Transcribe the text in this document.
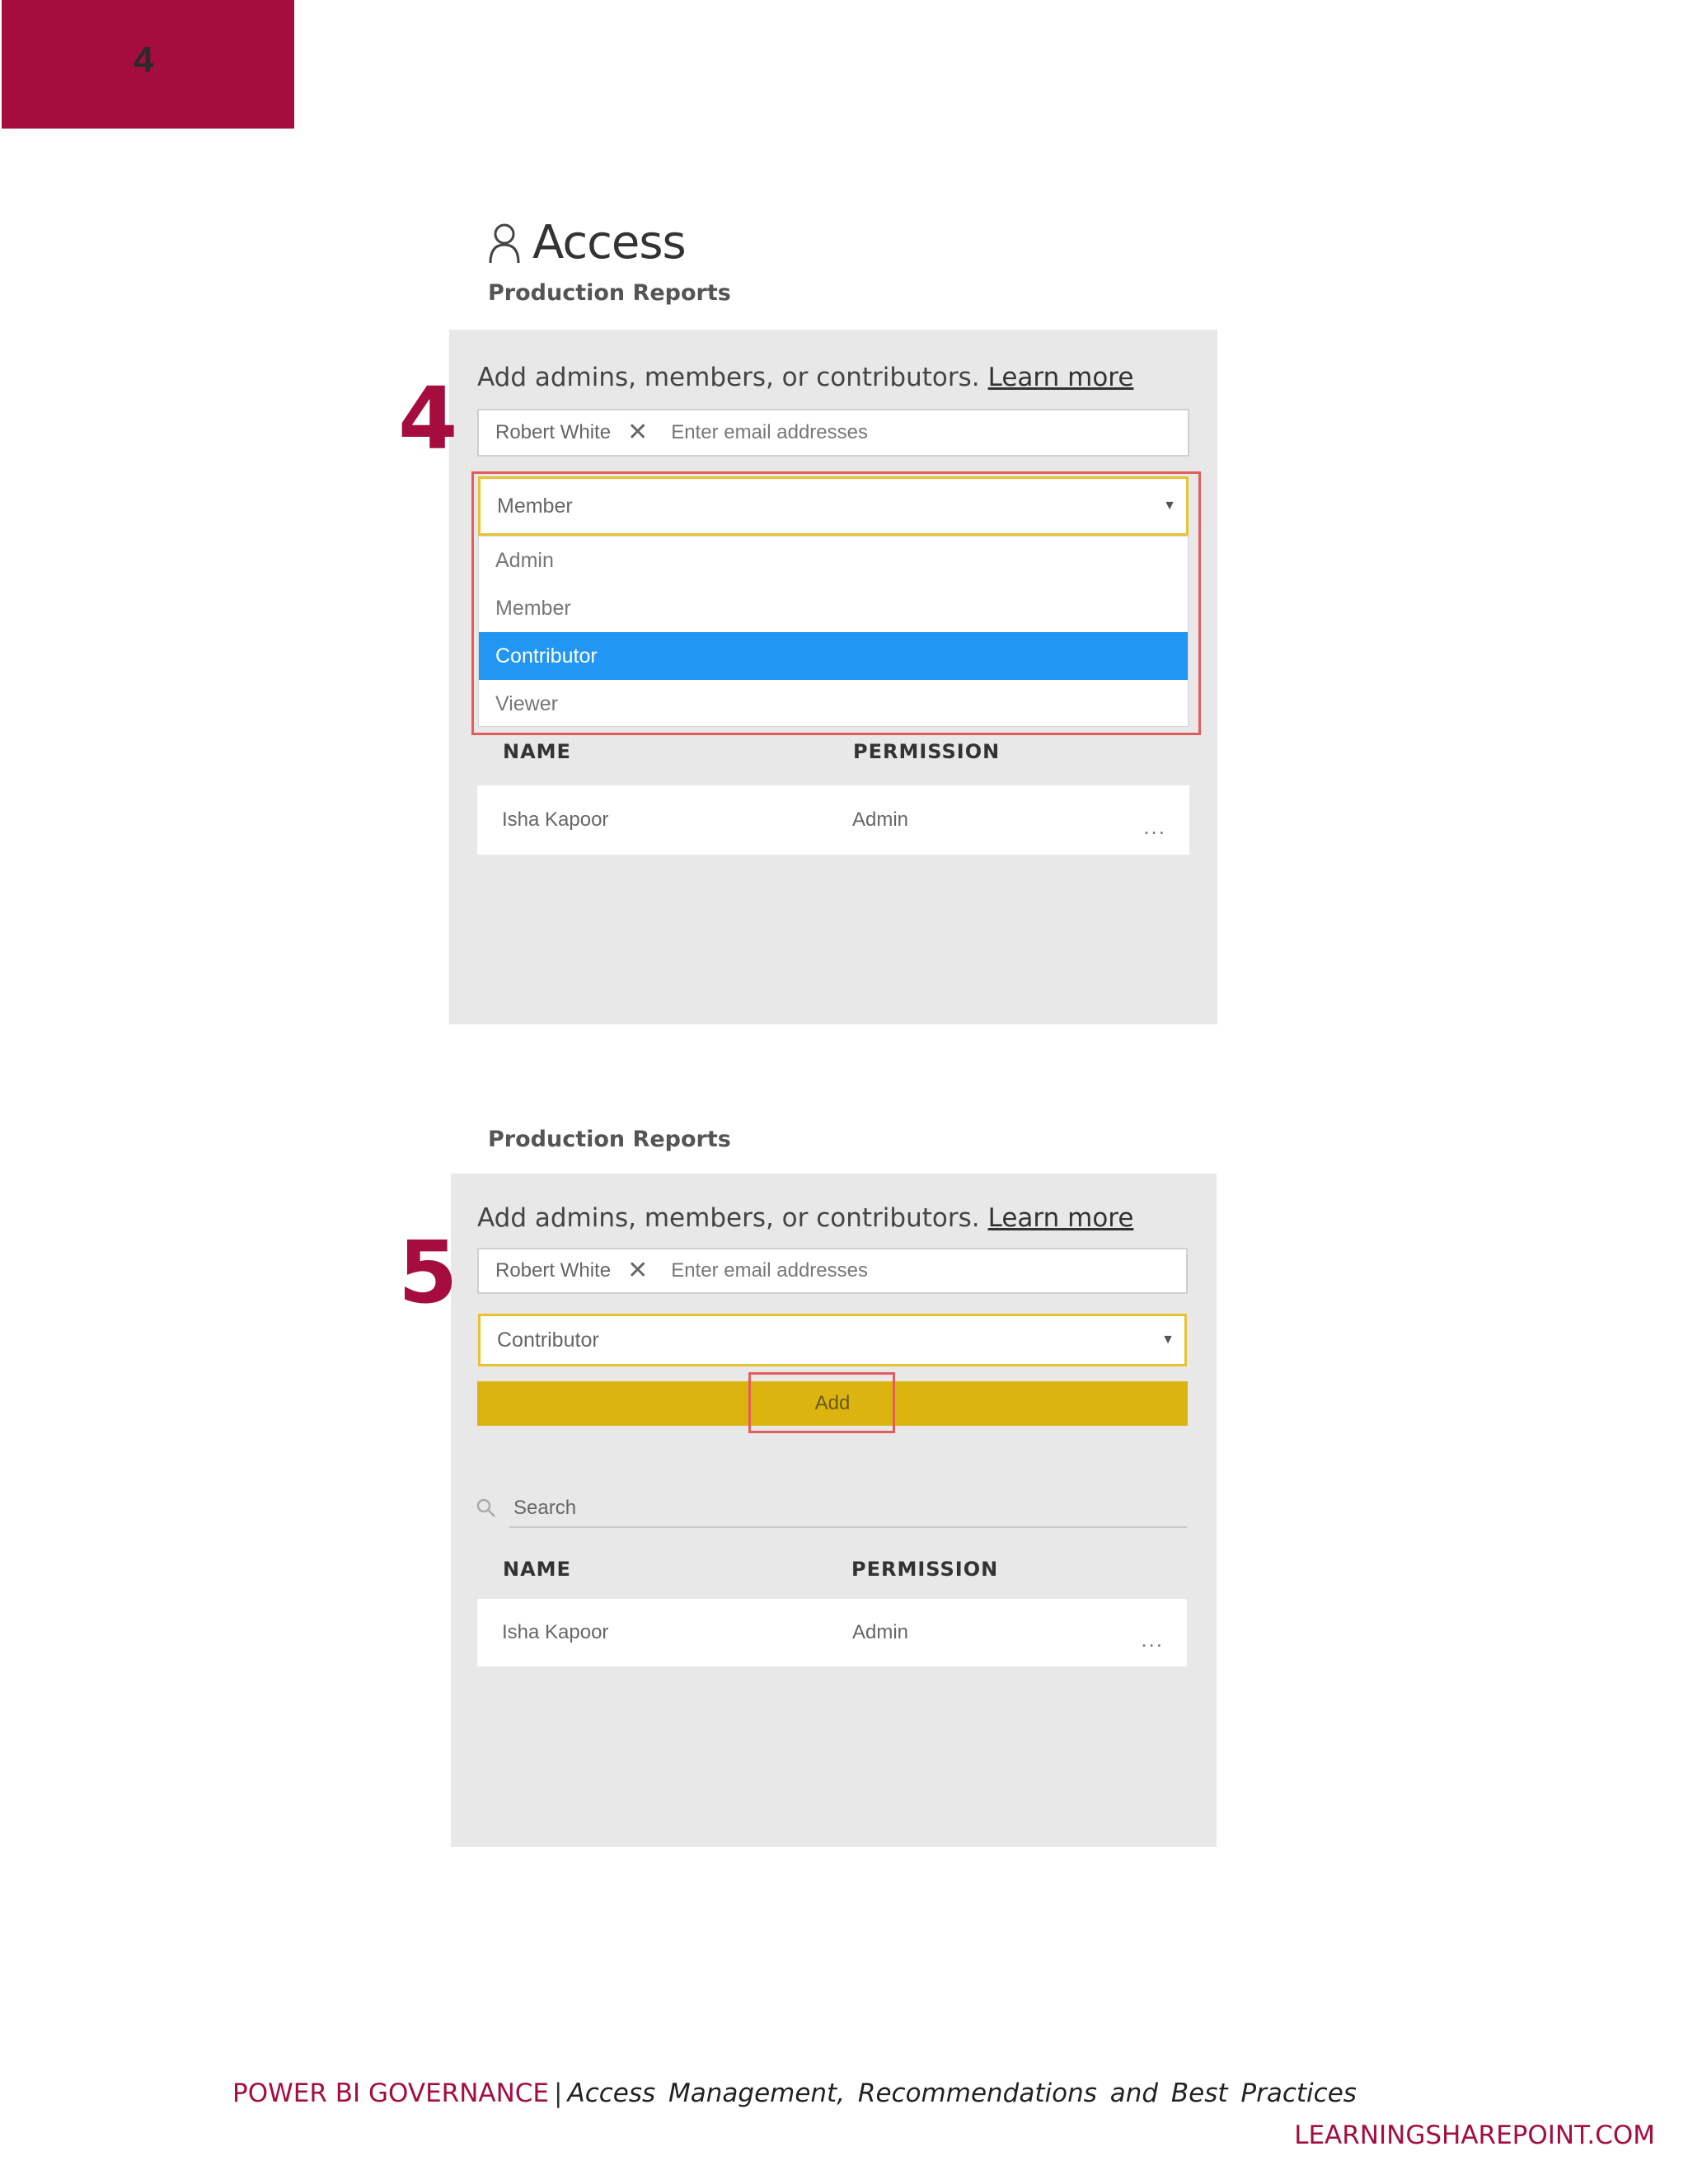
4
Access
Production Reports
4 Add admins, members, or contributors. Learn more
Robert White ✕ Enter email addresses
Member	▼
Admin
Member
Contributor
Viewer
NAME	PERMISSION
Isha Kapoor	Admin	...
Production Reports
5
Add admins, members, or contributors. Learn more
Robert White ✕ Enter email addresses
Contributor	▼
Add
Search
NAME	PERMISSION
Isha Kapoor	Admin	...
POWER BI GOVERNANCE | Access Management, Recommendations and Best Practices
LEARNINGSHAREPOINT.COM
